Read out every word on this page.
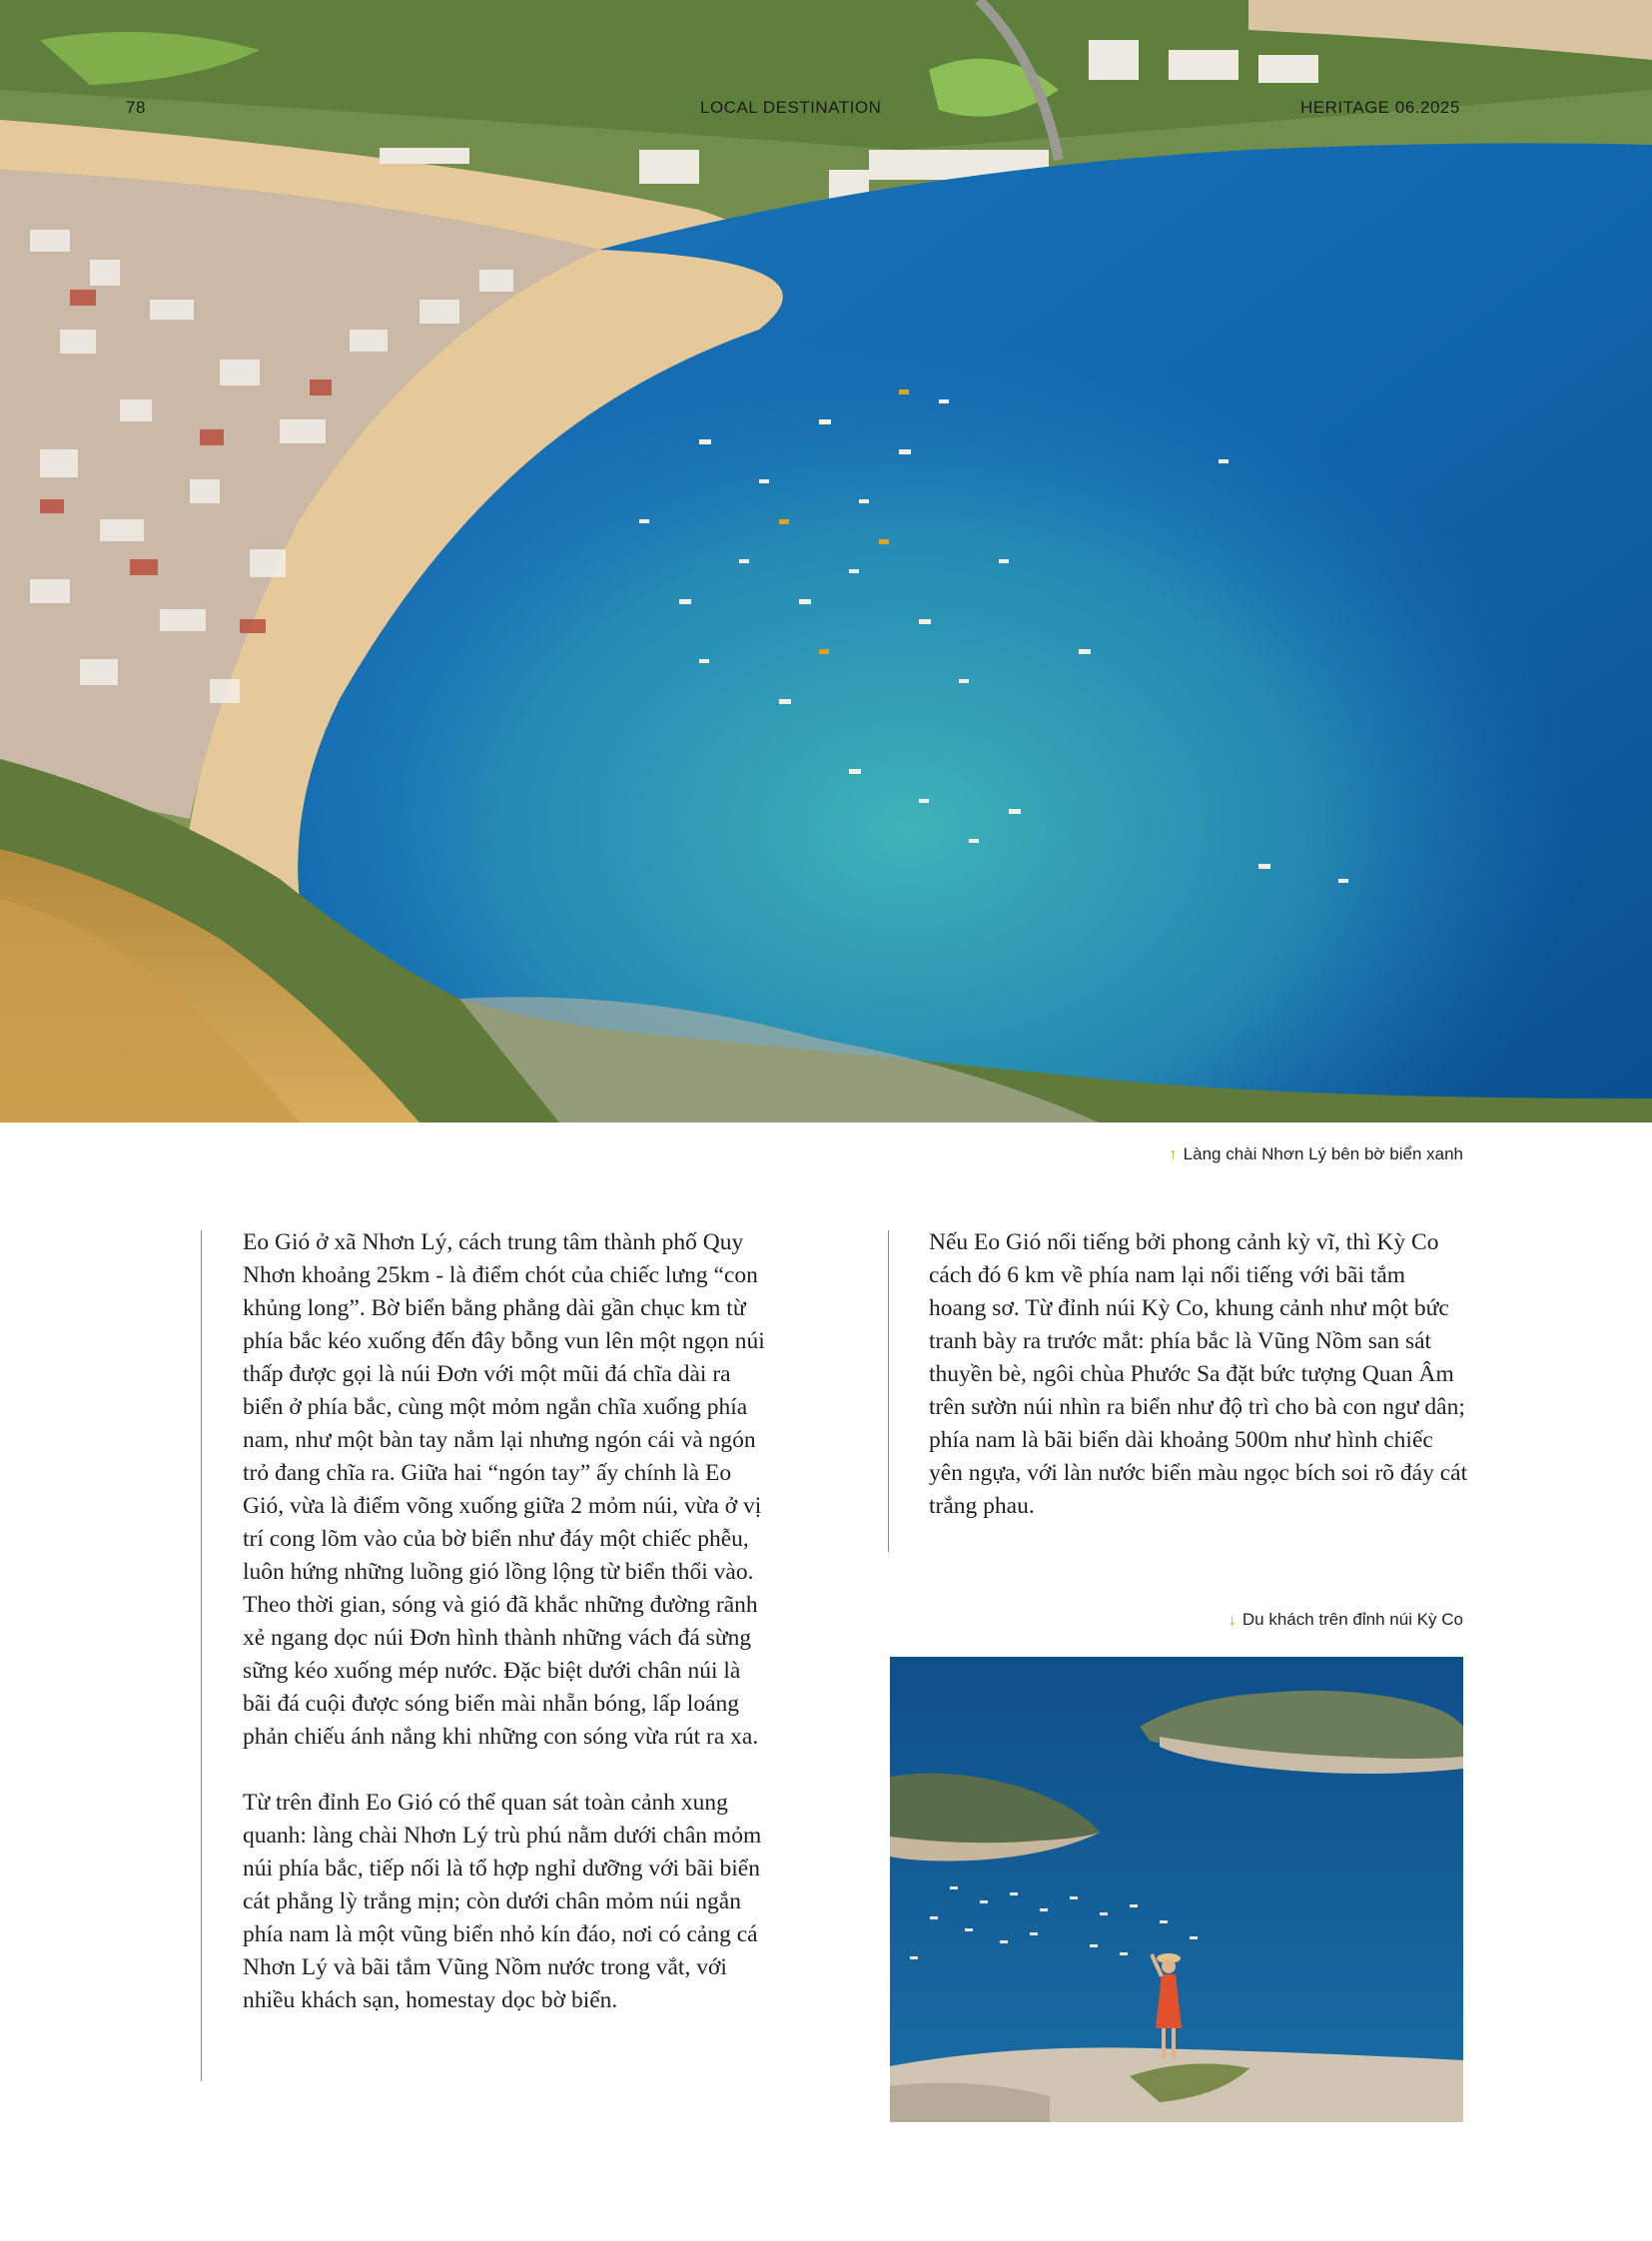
78	LOCAL DESTINATION	HERITAGE 06.2025
↑ Làng chài Nhơn Lý bên bờ biển xanh

Eo Gió ở xã Nhơn Lý, cách trung tâm thành phố Quy Nhơn khoảng 25km - là điểm chót của chiếc lưng “con khủng long”. Bờ biển bằng phẳng dài gần chục km từ phía bắc kéo xuống đến đây bỗng vun lên một ngọn núi thấp được gọi là núi Đơn với một mũi đá chĩa dài ra biển ở phía bắc, cùng một mỏm ngắn chĩa xuống phía nam, như một bàn tay nắm lại nhưng ngón cái và ngón trỏ đang chĩa ra. Giữa hai “ngón tay” ấy chính là Eo Gió, vừa là điểm võng xuống giữa 2 mỏm núi, vừa ở vị trí cong lõm vào của bờ biển như đáy một chiếc phễu, luôn hứng những luồng gió lồng lộng từ biển thổi vào. Theo thời gian, sóng và gió đã khắc những đường rãnh xẻ ngang dọc núi Đơn hình thành những vách đá sừng sững kéo xuống mép nước. Đặc biệt dưới chân núi là bãi đá cuội được sóng biển mài nhẵn bóng, lấp loáng phản chiếu ánh nắng khi những con sóng vừa rút ra xa.

Từ trên đỉnh Eo Gió có thể quan sát toàn cảnh xung quanh: làng chài Nhơn Lý trù phú nằm dưới chân mỏm núi phía bắc, tiếp nối là tổ hợp nghỉ dưỡng với bãi biển cát phẳng lỳ trắng mịn; còn dưới chân mỏm núi ngắn phía nam là một vũng biển nhỏ kín đáo, nơi có cảng cá Nhơn Lý và bãi tắm Vũng Nồm nước trong vắt, với nhiều khách sạn, homestay dọc bờ biển.

Nếu Eo Gió nổi tiếng bởi phong cảnh kỳ vĩ, thì Kỳ Co cách đó 6 km về phía nam lại nổi tiếng với bãi tắm hoang sơ. Từ đỉnh núi Kỳ Co, khung cảnh như một bức tranh bày ra trước mắt: phía bắc là Vũng Nồm san sát thuyền bè, ngôi chùa Phước Sa đặt bức tượng Quan Âm trên sườn núi nhìn ra biển như độ trì cho bà con ngư dân; phía nam là bãi biển dài khoảng 500m như hình chiếc yên ngựa, với làn nước biển màu ngọc bích soi rõ đáy cát trắng phau.

↓ Du khách trên đỉnh núi Kỳ Co
